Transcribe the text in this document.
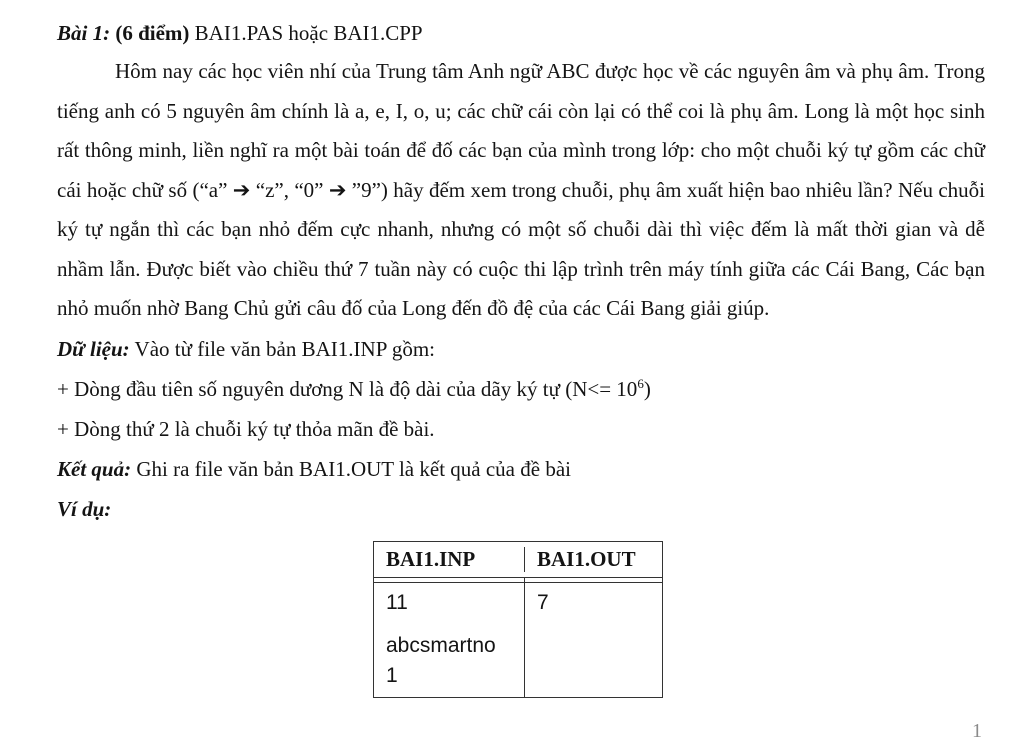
Bài 1: (6 điểm) BAI1.PAS hoặc BAI1.CPP

Hôm nay các học viên nhí của Trung tâm Anh ngữ ABC được học về các nguyên âm và phụ âm. Trong tiếng anh có 5 nguyên âm chính là a, e, I, o, u; các chữ cái còn lại có thể coi là phụ âm. Long là một học sinh rất thông minh, liền nghĩ ra một bài toán để đố các bạn của mình trong lớp: cho một chuỗi ký tự gồm các chữ cái hoặc chữ số (“a” ➔ “z”, “0” ➔ ”9”) hãy đếm xem trong chuỗi, phụ âm xuất hiện bao nhiêu lần? Nếu chuỗi ký tự ngắn thì các bạn nhỏ đếm cực nhanh, nhưng có một số chuỗi dài thì việc đếm là mất thời gian và dễ nhầm lẫn. Được biết vào chiều thứ 7 tuần này có cuộc thi lập trình trên máy tính giữa các Cái Bang, Các bạn nhỏ muốn nhờ Bang Chủ gửi câu đố của Long đến đồ đệ của các Cái Bang giải giúp.

Dữ liệu: Vào từ file văn bản BAI1.INP gồm:
+ Dòng đầu tiên số nguyên dương N là độ dài của dãy ký tự $(N<= 10^6)$
+ Dòng thứ 2 là chuỗi ký tự thỏa mãn đề bài.
Kết quả: Ghi ra file văn bản BAI1.OUT là kết quả của đề bài
Ví dụ:
BAI1.INP	BAI1.OUT
11
abcsmartno
1
7
1
